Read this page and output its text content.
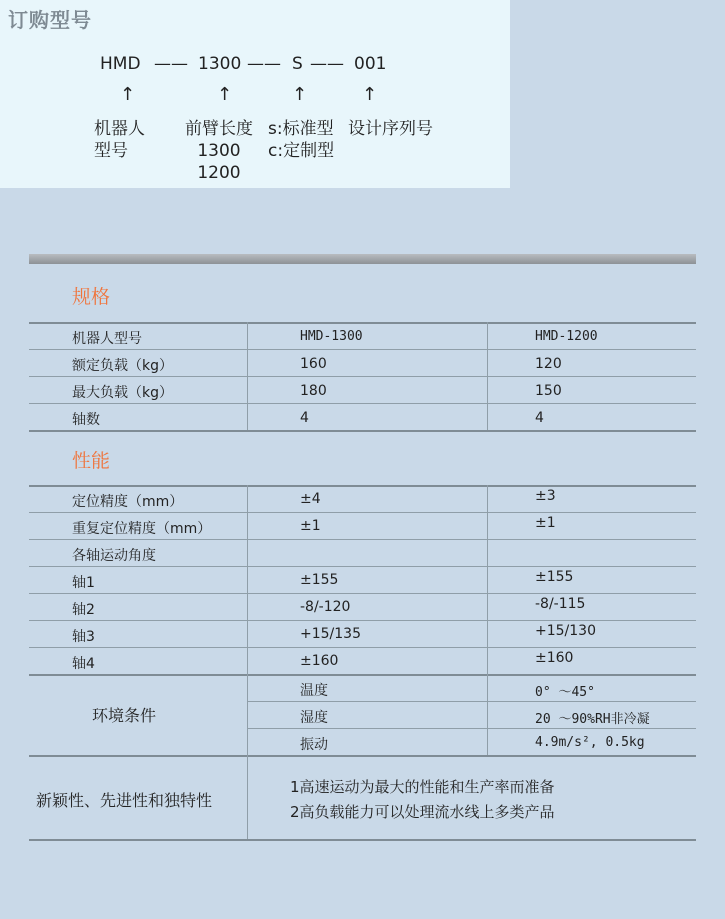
订购型号
HMD —— 1300 —— S —— 001
↑	↑	↑	↑
机器人
型号
前臂长度
1300
1200
s:标准型
c:定制型
设计序列号
规格
机器人型号	HMD-1300	HMD-1200
额定负载（kg）	160	120
最大负载（kg）	180	150
轴数	4	4
性能
定位精度（mm）	±4	±3
重复定位精度（mm）	±1	±1
各轴运动角度
轴1	±155	±155
轴2	-8/-120	-8/-115
轴3	+15/135	+15/130
轴4	±160	±160
环境条件
温度	0° ～45°
湿度	20 ～90%RH非冷凝
振动	4.9m/s², 0.5kg
新颖性、先进性和独特性
1高速运动为最大的性能和生产率而准备
2高负载能力可以处理流水线上多类产品
